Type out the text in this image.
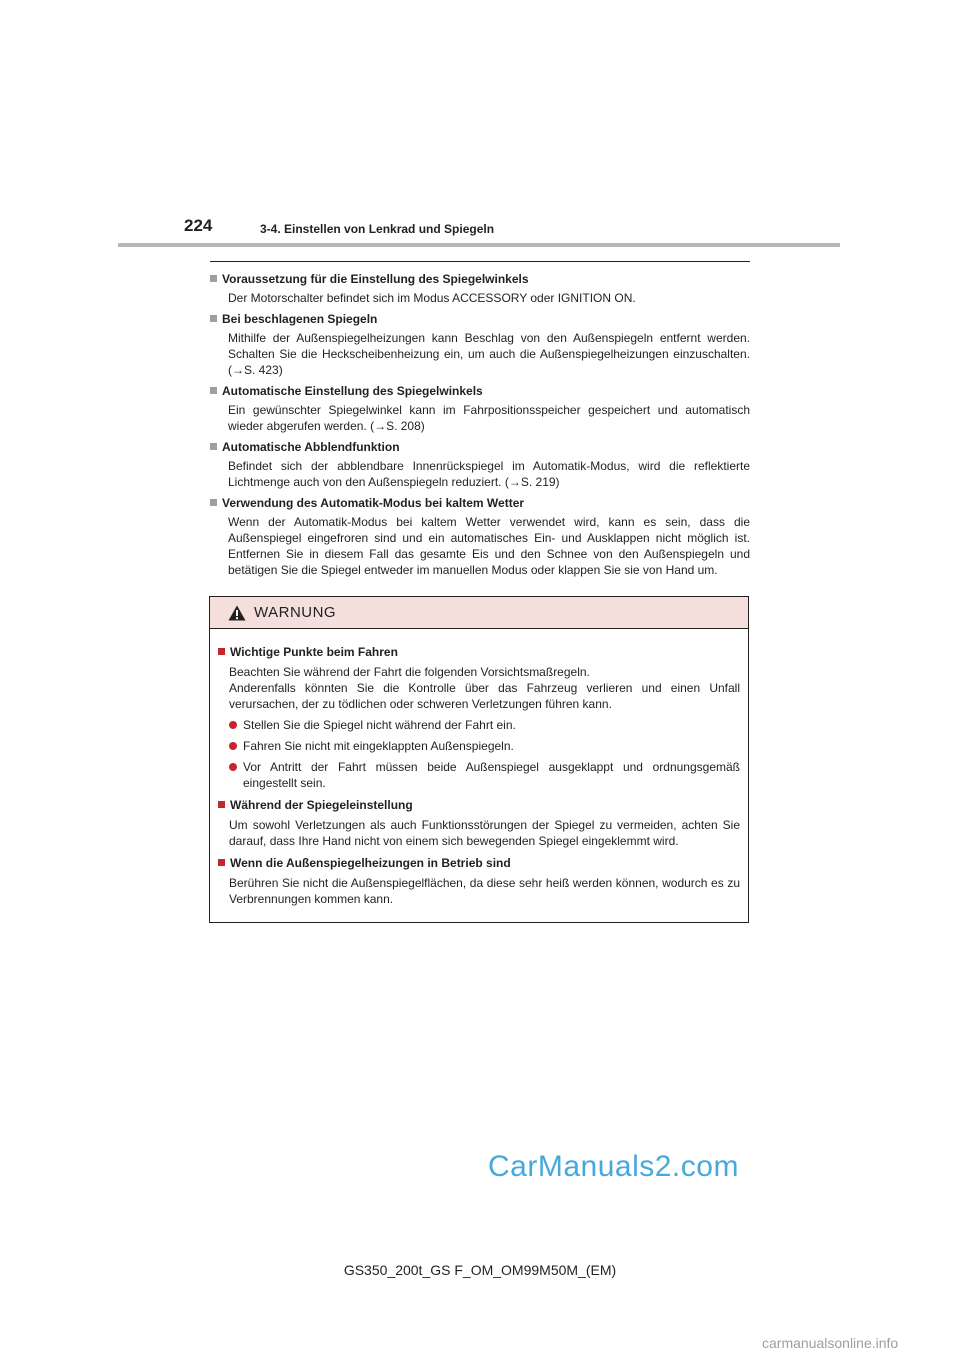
224	3-4. Einstellen von Lenkrad und Spiegeln
Voraussetzung für die Einstellung des Spiegelwinkels
Der Motorschalter befindet sich im Modus ACCESSORY oder IGNITION ON.
Bei beschlagenen Spiegeln
Mithilfe der Außenspiegelheizungen kann Beschlag von den Außenspiegeln entfernt werden. Schalten Sie die Heckscheibenheizung ein, um auch die Außenspiegelheizungen einzuschalten. (→S. 423)
Automatische Einstellung des Spiegelwinkels
Ein gewünschter Spiegelwinkel kann im Fahrpositionsspeicher gespeichert und automatisch wieder abgerufen werden. (→S. 208)
Automatische Abblendfunktion
Befindet sich der abblendbare Innenrückspiegel im Automatik-Modus, wird die reflektierte Lichtmenge auch von den Außenspiegeln reduziert. (→S. 219)
Verwendung des Automatik-Modus bei kaltem Wetter
Wenn der Automatik-Modus bei kaltem Wetter verwendet wird, kann es sein, dass die Außenspiegel eingefroren sind und ein automatisches Ein- und Ausklappen nicht möglich ist. Entfernen Sie in diesem Fall das gesamte Eis und den Schnee von den Außenspiegeln und betätigen Sie die Spiegel entweder im manuellen Modus oder klappen Sie sie von Hand um.
WARNUNG
Wichtige Punkte beim Fahren
Beachten Sie während der Fahrt die folgenden Vorsichtsmaßregeln.
Anderenfalls könnten Sie die Kontrolle über das Fahrzeug verlieren und einen Unfall verursachen, der zu tödlichen oder schweren Verletzungen führen kann.
Stellen Sie die Spiegel nicht während der Fahrt ein.
Fahren Sie nicht mit eingeklappten Außenspiegeln.
Vor Antritt der Fahrt müssen beide Außenspiegel ausgeklappt und ordnungsgemäß eingestellt sein.
Während der Spiegeleinstellung
Um sowohl Verletzungen als auch Funktionsstörungen der Spiegel zu vermeiden, achten Sie darauf, dass Ihre Hand nicht von einem sich bewegenden Spiegel eingeklemmt wird.
Wenn die Außenspiegelheizungen in Betrieb sind
Berühren Sie nicht die Außenspiegelflächen, da diese sehr heiß werden können, wodurch es zu Verbrennungen kommen kann.
CarManuals2.com
GS350_200t_GS F_OM_OM99M50M_(EM)
carmanualsonline.info
